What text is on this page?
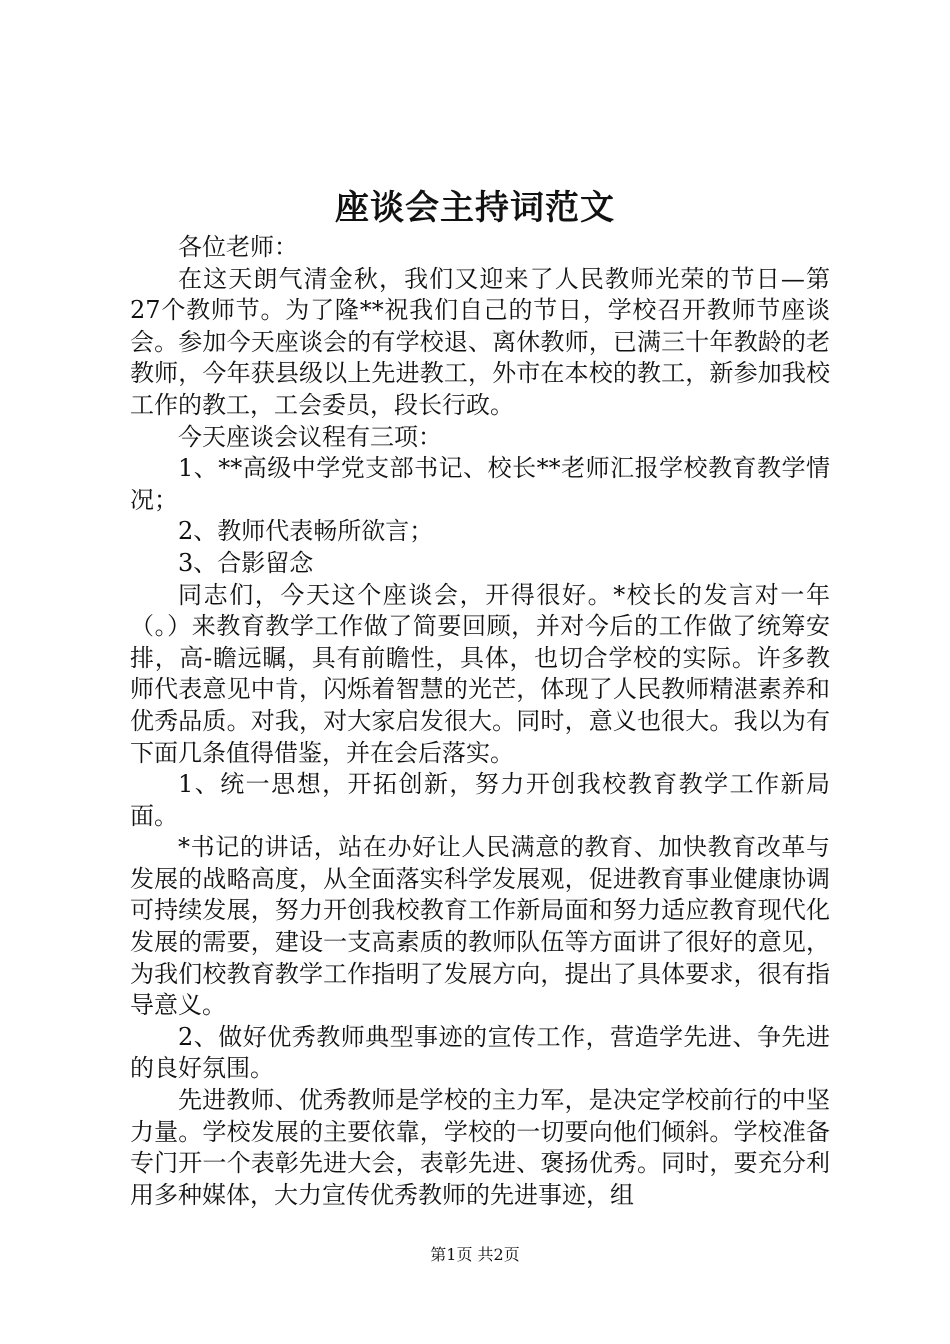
座谈会主持词范文

各位老师：

在这天朗气清金秋，我们又迎来了人民教师光荣的节日—第27个教师节。为了隆**祝我们自己的节日，学校召开教师节座谈会。参加今天座谈会的有学校退、离休教师，已满三十年教龄的老教师，今年获县级以上先进教工，外市在本校的教工，新参加我校工作的教工，工会委员，段长行政。

今天座谈会议程有三项：

1、**高级中学党支部书记、校长**老师汇报学校教育教学情况；

2、教师代表畅所欲言；

3、合影留念

同志们，今天这个座谈会，开得很好。*校长的发言对一年（。）来教育教学工作做了简要回顾，并对今后的工作做了统筹安排，高-瞻远瞩，具有前瞻性，具体，也切合学校的实际。许多教师代表意见中肯，闪烁着智慧的光芒，体现了人民教师精湛素养和优秀品质。对我，对大家启发很大。同时，意义也很大。我以为有下面几条值得借鉴，并在会后落实。

1、统一思想，开拓创新，努力开创我校教育教学工作新局面。

*书记的讲话，站在办好让人民满意的教育、加快教育改革与发展的战略高度，从全面落实科学发展观，促进教育事业健康协调可持续发展，努力开创我校教育工作新局面和努力适应教育现代化发展的需要，建设一支高素质的教师队伍等方面讲了很好的意见，为我们校教育教学工作指明了发展方向，提出了具体要求，很有指导意义。

2、做好优秀教师典型事迹的宣传工作，营造学先进、争先进的良好氛围。

先进教师、优秀教师是学校的主力军，是决定学校前行的中坚力量。学校发展的主要依靠，学校的一切要向他们倾斜。学校准备专门开一个表彰先进大会，表彰先进、褒扬优秀。同时，要充分利用多种媒体，大力宣传优秀教师的先进事迹，组

第1页 共2页
